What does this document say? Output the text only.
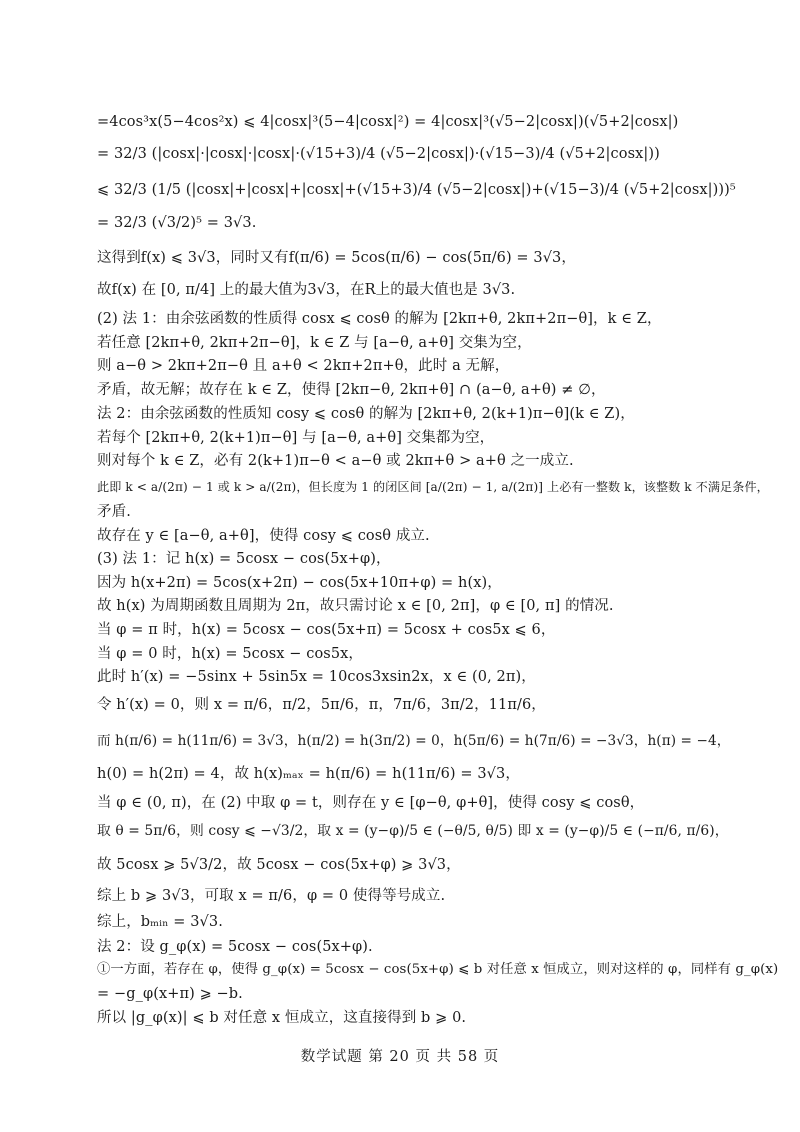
=4cos³x(5−4cos²x) ⩽ 4|cosx|³(5−4|cosx|²) = 4|cosx|³(√5−2|cosx|)(√5+2|cosx|)
= 32/3 (|cosx|·|cosx|·|cosx|·(√15+3)/4 (√5−2|cosx|)·(√15−3)/4 (√5+2|cosx|))
⩽ 32/3 (1/5 (|cosx|+|cosx|+|cosx|+(√15+3)/4 (√5−2|cosx|)+(√15−3)/4 (√5+2|cosx|)))⁵
= 32/3 (√3/2)⁵ = 3√3.
这得到f(x) ⩽ 3√3，同时又有f(π/6) = 5cos(π/6) − cos(5π/6) = 3√3，
故f(x) 在 [0, π/4] 上的最大值为3√3，在R上的最大值也是 3√3.
(2) 法 1：由余弦函数的性质得 cosx ⩽ cosθ 的解为 [2kπ+θ, 2kπ+2π−θ]，k ∈ Z，
若任意 [2kπ+θ, 2kπ+2π−θ]，k ∈ Z 与 [a−θ, a+θ] 交集为空，
则 a−θ > 2kπ+2π−θ 且 a+θ < 2kπ+2π+θ，此时 a 无解，
矛盾，故无解；故存在 k ∈ Z，使得 [2kπ−θ, 2kπ+θ] ∩ (a−θ, a+θ) ≠ ∅，
法 2：由余弦函数的性质知 cosy ⩽ cosθ 的解为 [2kπ+θ, 2(k+1)π−θ](k ∈ Z)，
若每个 [2kπ+θ, 2(k+1)π−θ] 与 [a−θ, a+θ] 交集都为空，
则对每个 k ∈ Z，必有 2(k+1)π−θ < a−θ 或 2kπ+θ > a+θ 之一成立.
此即 k < a/(2π) − 1 或 k > a/(2π)，但长度为 1 的闭区间 [a/(2π) − 1, a/(2π)] 上必有一整数 k，该整数 k 不满足条件，
矛盾.
故存在 y ∈ [a−θ, a+θ]，使得 cosy ⩽ cosθ 成立.
(3) 法 1：记 h(x) = 5cosx − cos(5x+φ)，
因为 h(x+2π) = 5cos(x+2π) − cos(5x+10π+φ) = h(x)，
故 h(x) 为周期函数且周期为 2π，故只需讨论 x ∈ [0, 2π]，φ ∈ [0, π] 的情况.
当 φ = π 时，h(x) = 5cosx − cos(5x+π) = 5cosx + cos5x ⩽ 6，
当 φ = 0 时，h(x) = 5cosx − cos5x，
此时 h′(x) = −5sinx + 5sin5x = 10cos3xsin2x，x ∈ (0, 2π)，
令 h′(x) = 0，则 x = π/6，π/2，5π/6，π，7π/6，3π/2，11π/6，
而 h(π/6) = h(11π/6) = 3√3，h(π/2) = h(3π/2) = 0，h(5π/6) = h(7π/6) = −3√3，h(π) = −4，
h(0) = h(2π) = 4，故 h(x)ₘₐₓ = h(π/6) = h(11π/6) = 3√3，
当 φ ∈ (0, π)，在 (2) 中取 φ = t，则存在 y ∈ [φ−θ, φ+θ]，使得 cosy ⩽ cosθ，
取 θ = 5π/6，则 cosy ⩽ −√3/2，取 x = (y−φ)/5 ∈ (−θ/5, θ/5) 即 x = (y−φ)/5 ∈ (−π/6, π/6)，
故 5cosx ⩾ 5√3/2，故 5cosx − cos(5x+φ) ⩾ 3√3，
综上 b ⩾ 3√3，可取 x = π/6，φ = 0 使得等号成立.
综上，bₘᵢₙ = 3√3.
法 2：设 g_φ(x) = 5cosx − cos(5x+φ).
①一方面，若存在 φ，使得 g_φ(x) = 5cosx − cos(5x+φ) ⩽ b 对任意 x 恒成立，则对这样的 φ，同样有 g_φ(x)
= −g_φ(x+π) ⩾ −b.
所以 |g_φ(x)| ⩽ b 对任意 x 恒成立，这直接得到 b ⩾ 0.
数学试题 第 20 页 共 58 页
